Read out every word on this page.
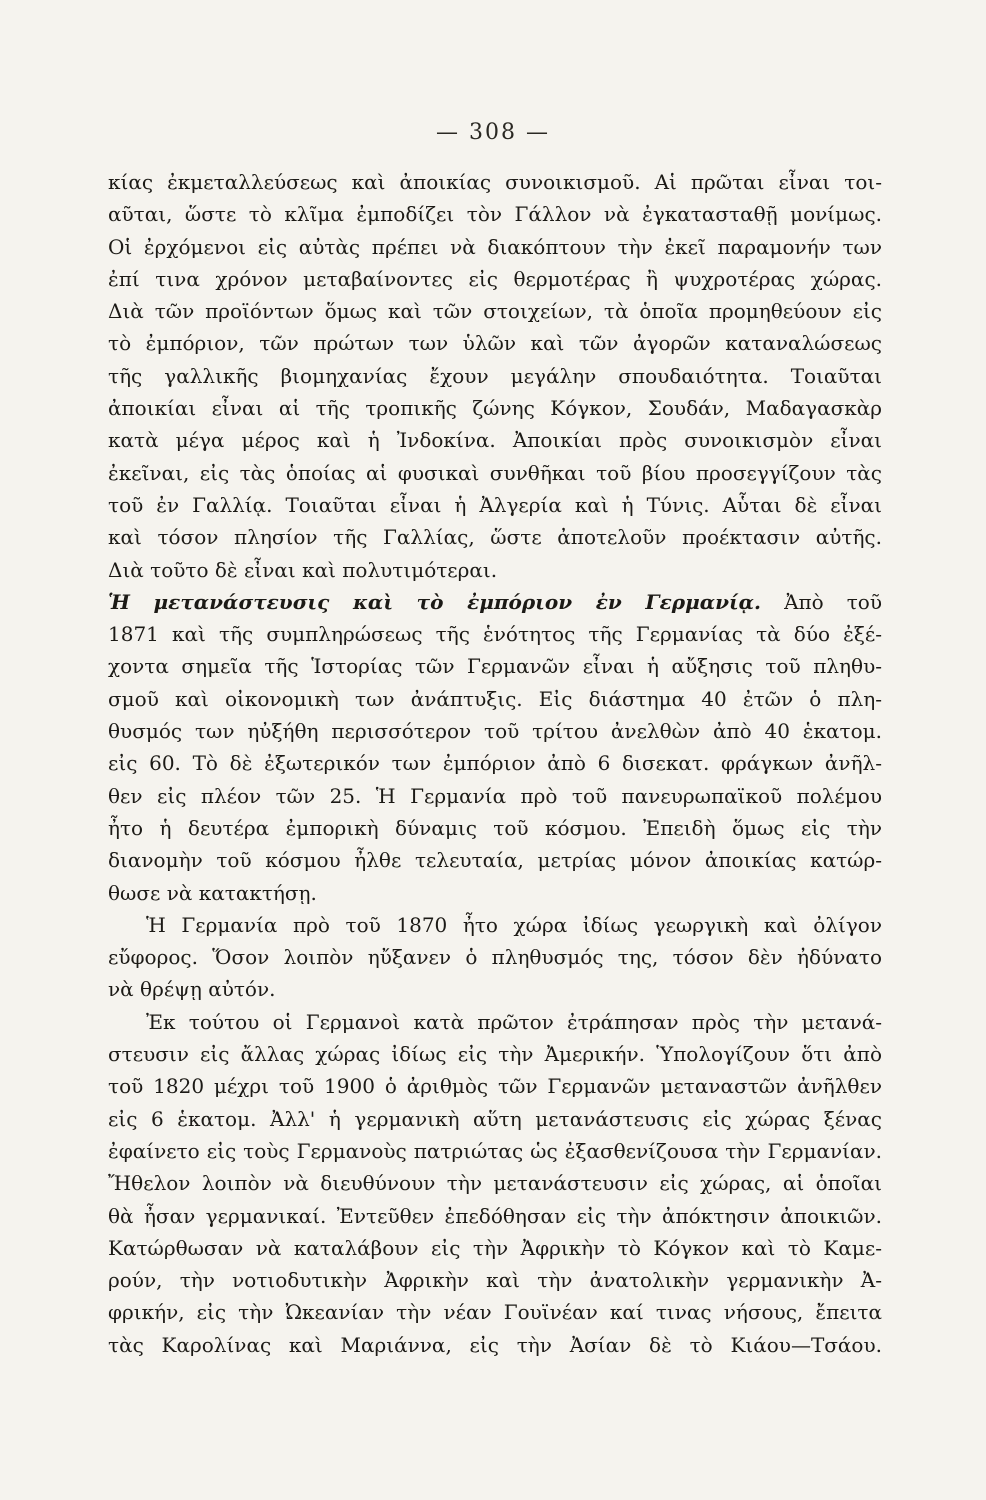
— 308 —
κίας ἐκμεταλλεύσεως καὶ ἀποικίας συνοικισμοῦ. Αἱ πρῶται εἶναι τοι-
αῦται, ὥστε τὸ κλῖμα ἐμποδίζει τὸν Γάλλον νὰ ἐγκατασταθῇ μονίμως.
Οἱ ἐρχόμενοι εἰς αὐτὰς πρέπει νὰ διακόπτουν τὴν ἐκεῖ παραμονήν των
ἐπί τινα χρόνον μεταβαίνοντες εἰς θερμοτέρας ἢ ψυχροτέρας χώρας.
Διὰ τῶν προϊόντων ὅμως καὶ τῶν στοιχείων, τὰ ὁποῖα προμηθεύουν εἰς
τὸ ἐμπόριον, τῶν πρώτων των ὑλῶν καὶ τῶν ἀγορῶν καταναλώσεως
τῆς γαλλικῆς βιομηχανίας ἔχουν μεγάλην σπουδαιότητα. Τοιαῦται
ἀποικίαι εἶναι αἱ τῆς τροπικῆς ζώνης Κόγκον, Σουδάν, Μαδαγασκὰρ
κατὰ μέγα μέρος καὶ ἡ Ἰνδοκίνα. Ἀποικίαι πρὸς συνοικισμὸν εἶναι
ἐκεῖναι, εἰς τὰς ὁποίας αἱ φυσικαὶ συνθῆκαι τοῦ βίου προσεγγίζουν τὰς
τοῦ ἐν Γαλλίᾳ. Τοιαῦται εἶναι ἡ Ἀλγερία καὶ ἡ Τύνις. Αὗται δὲ εἶναι
καὶ τόσον πλησίον τῆς Γαλλίας, ὥστε ἀποτελοῦν προέκτασιν αὐτῆς.
Διὰ τοῦτο δὲ εἶναι καὶ πολυτιμότεραι.
Ἡ μετανάστευσις καὶ τὸ ἐμπόριον ἐν Γερμανίᾳ. Ἀπὸ τοῦ
1871 καὶ τῆς συμπληρώσεως τῆς ἑνότητος τῆς Γερμανίας τὰ δύο ἐξέ-
χοντα σημεῖα τῆς Ἱστορίας τῶν Γερμανῶν εἶναι ἡ αὔξησις τοῦ πληθυ-
σμοῦ καὶ οἰκονομικὴ των ἀνάπτυξις. Εἰς διάστημα 40 ἐτῶν ὁ πλη-
θυσμός των ηὐξήθη περισσότερον τοῦ τρίτου ἀνελθὼν ἀπὸ 40 ἑκατομ.
εἰς 60. Τὸ δὲ ἐξωτερικόν των ἐμπόριον ἀπὸ 6 δισεκατ. φράγκων ἀνῆλ-
θεν εἰς πλέον τῶν 25. Ἡ Γερμανία πρὸ τοῦ πανευρωπαϊκοῦ πολέμου
ἦτο ἡ δευτέρα ἐμπορικὴ δύναμις τοῦ κόσμου. Ἐπειδὴ ὅμως εἰς τὴν
διανομὴν τοῦ κόσμου ἦλθε τελευταία, μετρίας μόνον ἀποικίας κατώρ-
θωσε νὰ κατακτήσῃ.
Ἡ Γερμανία πρὸ τοῦ 1870 ἦτο χώρα ἰδίως γεωργικὴ καὶ ὀλίγον
εὔφορος. Ὅσον λοιπὸν ηὔξανεν ὁ πληθυσμός της, τόσον δὲν ἠδύνατο
νὰ θρέψῃ αὐτόν.
Ἐκ τούτου οἱ Γερμανοὶ κατὰ πρῶτον ἐτράπησαν πρὸς τὴν μετανά-
στευσιν εἰς ἄλλας χώρας ἰδίως εἰς τὴν Ἀμερικήν. Ὑπολογίζουν ὅτι ἀπὸ
τοῦ 1820 μέχρι τοῦ 1900 ὁ ἀριθμὸς τῶν Γερμανῶν μεταναστῶν ἀνῆλθεν
εἰς 6 ἑκατομ. Ἀλλ' ἡ γερμανικὴ αὕτη μετανάστευσις εἰς χώρας ξένας
ἐφαίνετο εἰς τοὺς Γερμανοὺς πατριώτας ὡς ἐξασθενίζουσα τὴν Γερμανίαν.
Ἤθελον λοιπὸν νὰ διευθύνουν τὴν μετανάστευσιν εἰς χώρας, αἱ ὁποῖαι
θὰ ἦσαν γερμανικαί. Ἐντεῦθεν ἐπεδόθησαν εἰς τὴν ἀπόκτησιν ἀποικιῶν.
Κατώρθωσαν νὰ καταλάβουν εἰς τὴν Ἀφρικὴν τὸ Κόγκον καὶ τὸ Καμε-
ρούν, τὴν νοτιοδυτικὴν Ἀφρικὴν καὶ τὴν ἀνατολικὴν γερμανικὴν Ἀ-
φρικήν, εἰς τὴν Ὠκεανίαν τὴν νέαν Γουϊνέαν καί τινας νήσους, ἔπειτα
τὰς Καρολίνας καὶ Μαριάννα, εἰς τὴν Ἀσίαν δὲ τὸ Κιάου—Τσάου.
